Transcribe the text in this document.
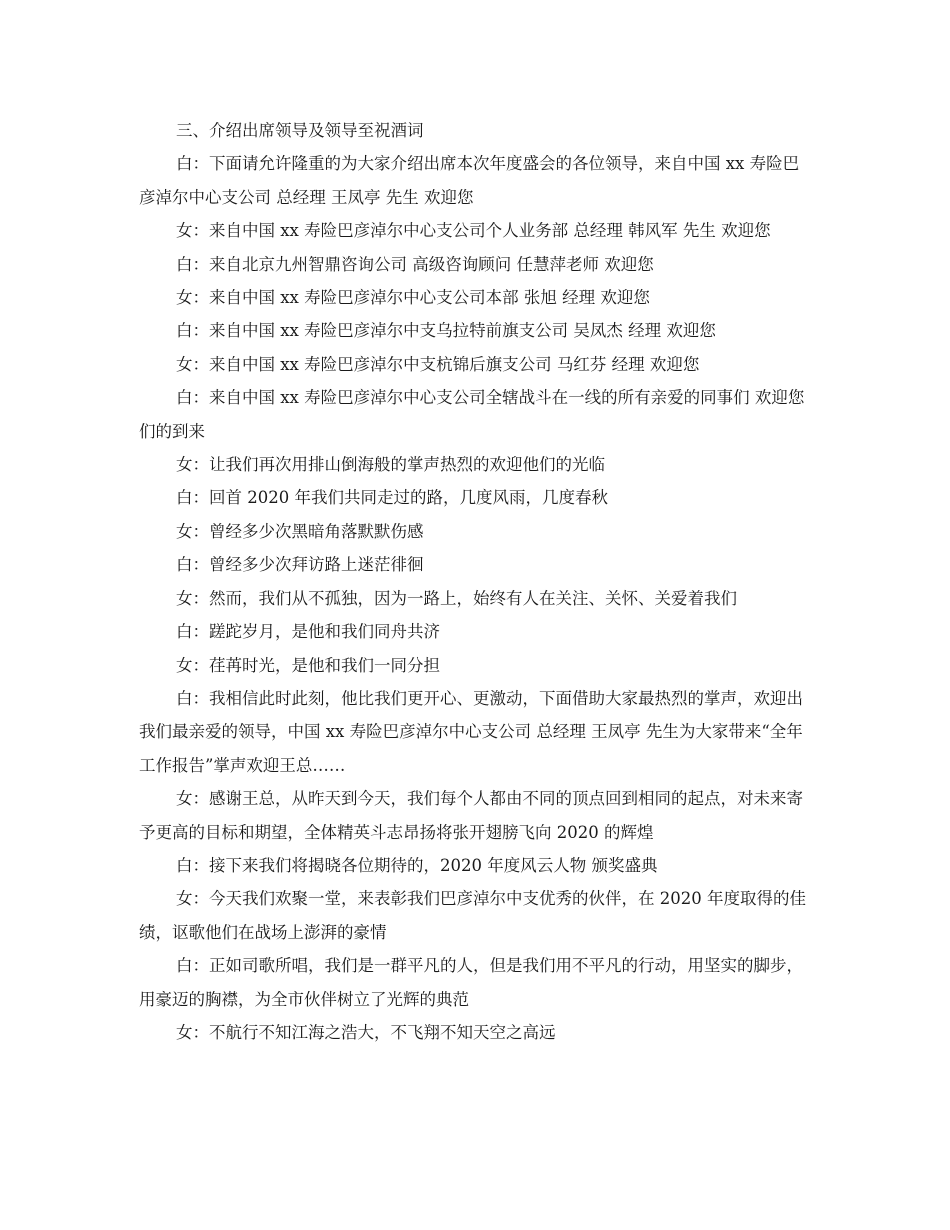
三、介绍出席领导及领导至祝酒词

白：下面请允许隆重的为大家介绍出席本次年度盛会的各位领导，来自中国 xx 寿险巴彦淖尔中心支公司 总经理 王凤亭 先生 欢迎您

女：来自中国 xx 寿险巴彦淖尔中心支公司个人业务部 总经理 韩风军 先生 欢迎您

白：来自北京九州智鼎咨询公司 高级咨询顾问 任慧萍老师 欢迎您

女：来自中国 xx 寿险巴彦淖尔中心支公司本部 张旭 经理 欢迎您

白：来自中国 xx 寿险巴彦淖尔中支乌拉特前旗支公司 吴凤杰 经理 欢迎您

女：来自中国 xx 寿险巴彦淖尔中支杭锦后旗支公司 马红芬 经理 欢迎您

白：来自中国 xx 寿险巴彦淖尔中心支公司全辖战斗在一线的所有亲爱的同事们 欢迎您们的到来

女：让我们再次用排山倒海般的掌声热烈的欢迎他们的光临

白：回首 2020 年我们共同走过的路，几度风雨，几度春秋

女：曾经多少次黑暗角落默默伤感

白：曾经多少次拜访路上迷茫徘徊

女：然而，我们从不孤独，因为一路上，始终有人在关注、关怀、关爱着我们

白：蹉跎岁月，是他和我们同舟共济

女：荏苒时光，是他和我们一同分担

白：我相信此时此刻，他比我们更开心、更激动，下面借助大家最热烈的掌声，欢迎出我们最亲爱的领导，中国 xx 寿险巴彦淖尔中心支公司 总经理 王凤亭 先生为大家带来“全年工作报告”掌声欢迎王总……

女：感谢王总，从昨天到今天，我们每个人都由不同的顶点回到相同的起点，对未来寄予更高的目标和期望，全体精英斗志昂扬将张开翅膀飞向 2020 的辉煌

白：接下来我们将揭晓各位期待的，2020 年度风云人物 颁奖盛典

女：今天我们欢聚一堂，来表彰我们巴彦淖尔中支优秀的伙伴，在 2020 年度取得的佳绩，讴歌他们在战场上澎湃的豪情

白：正如司歌所唱，我们是一群平凡的人，但是我们用不平凡的行动，用坚实的脚步，用豪迈的胸襟，为全市伙伴树立了光辉的典范

女：不航行不知江海之浩大，不飞翔不知天空之高远
